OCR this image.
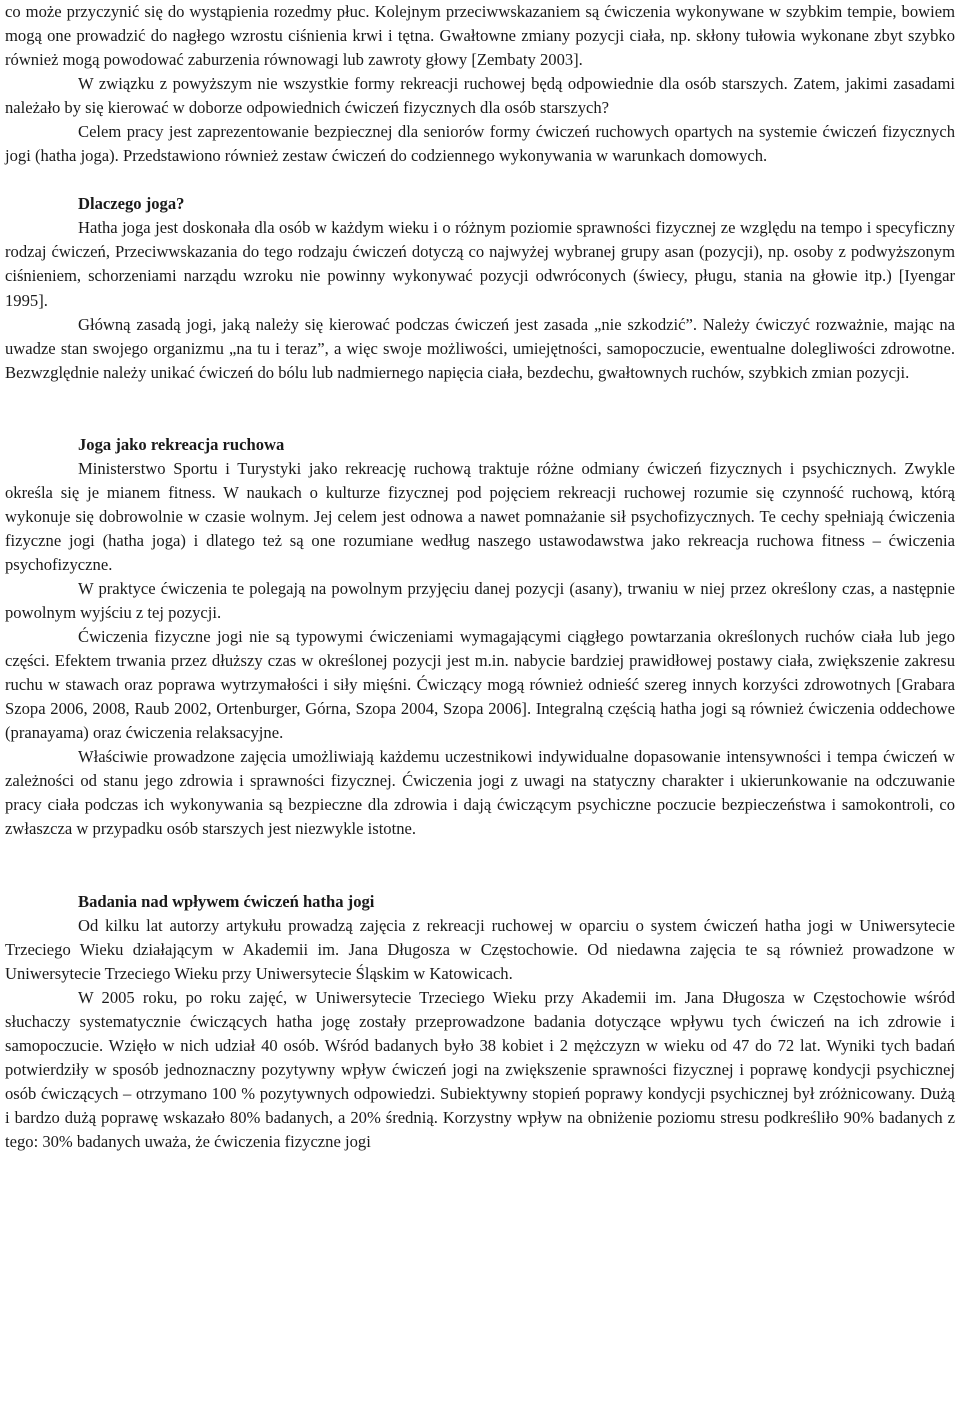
co może przyczynić się do wystąpienia rozedmy płuc. Kolejnym przeciwwskazaniem są ćwiczenia wykonywane w szybkim tempie, bowiem mogą one prowadzić do nagłego wzrostu ciśnienia krwi i tętna. Gwałtowne zmiany pozycji ciała, np. skłony tułowia wykonane zbyt szybko również mogą powodować zaburzenia równowagi lub zawroty głowy [Zembaty 2003].

W związku z powyższym nie wszystkie formy rekreacji ruchowej będą odpowiednie dla osób starszych. Zatem, jakimi zasadami należało by się kierować w doborze odpowiednich ćwiczeń fizycznych dla osób starszych?

Celem pracy jest zaprezentowanie bezpiecznej dla seniorów formy ćwiczeń ruchowych opartych na systemie ćwiczeń fizycznych jogi (hatha joga). Przedstawiono również zestaw ćwiczeń do codziennego wykonywania w warunkach domowych.

Dlaczego joga?

Hatha joga jest doskonała dla osób w każdym wieku i o różnym poziomie sprawności fizycznej ze względu na tempo i specyficzny rodzaj ćwiczeń, Przeciwwskazania do tego rodzaju ćwiczeń dotyczą co najwyżej wybranej grupy asan (pozycji), np. osoby z podwyższonym ciśnieniem, schorzeniami narządu wzroku nie powinny wykonywać pozycji odwróconych (świecy, pługu, stania na głowie itp.) [Iyengar 1995].

Główną zasadą jogi, jaką należy się kierować podczas ćwiczeń jest zasada „nie szkodzić”. Należy ćwiczyć rozważnie, mając na uwadze stan swojego organizmu „na tu i teraz”, a więc swoje możliwości, umiejętności, samopoczucie, ewentualne dolegliwości zdrowotne. Bezwzględnie należy unikać ćwiczeń do bólu lub nadmiernego napięcia ciała, bezdechu, gwałtownych ruchów, szybkich zmian pozycji.

Joga jako rekreacja ruchowa

Ministerstwo Sportu i Turystyki jako rekreację ruchową traktuje różne odmiany ćwiczeń fizycznych i psychicznych. Zwykle określa się je mianem fitness. W naukach o kulturze fizycznej pod pojęciem rekreacji ruchowej rozumie się czynność ruchową, którą wykonuje się dobrowolnie w czasie wolnym. Jej celem jest odnowa a nawet pomnażanie sił psychofizycznych. Te cechy spełniają ćwiczenia fizyczne jogi (hatha joga) i dlatego też są one rozumiane według naszego ustawodawstwa jako rekreacja ruchowa fitness – ćwiczenia psychofizyczne.

W praktyce ćwiczenia te polegają na powolnym przyjęciu danej pozycji (asany), trwaniu w niej przez określony czas, a następnie powolnym wyjściu z tej pozycji.

Ćwiczenia fizyczne jogi nie są typowymi ćwiczeniami wymagającymi ciągłego powtarzania określonych ruchów ciała lub jego części. Efektem trwania przez dłuższy czas w określonej pozycji jest m.in. nabycie bardziej prawidłowej postawy ciała, zwiększenie zakresu ruchu w stawach oraz poprawa wytrzymałości i siły mięśni. Ćwiczący mogą również odnieść szereg innych korzyści zdrowotnych [Grabara Szopa 2006, 2008, Raub 2002, Ortenburger, Górna, Szopa 2004, Szopa 2006]. Integralną częścią hatha jogi są również ćwiczenia oddechowe (pranayama) oraz ćwiczenia relaksacyjne.

Właściwie prowadzone zajęcia umożliwiają każdemu uczestnikowi indywidualne dopasowanie intensywności i tempa ćwiczeń w zależności od stanu jego zdrowia i sprawności fizycznej. Ćwiczenia jogi z uwagi na statyczny charakter i ukierunkowanie na odczuwanie pracy ciała podczas ich wykonywania są bezpieczne dla zdrowia i dają ćwiczącym psychiczne poczucie bezpieczeństwa i samokontroli, co zwłaszcza w przypadku osób starszych jest niezwykle istotne.

Badania nad wpływem ćwiczeń hatha jogi

Od kilku lat autorzy artykułu prowadzą zajęcia z rekreacji ruchowej w oparciu o system ćwiczeń hatha jogi w Uniwersytecie Trzeciego Wieku działającym w Akademii im. Jana Długosza w Częstochowie. Od niedawna zajęcia te są również prowadzone w Uniwersytecie Trzeciego Wieku przy Uniwersytecie Śląskim w Katowicach.

W 2005 roku, po roku zajęć, w Uniwersytecie Trzeciego Wieku przy Akademii im. Jana Długosza w Częstochowie wśród słuchaczy systematycznie ćwiczących hatha jogę zostały przeprowadzone badania dotyczące wpływu tych ćwiczeń na ich zdrowie i samopoczucie. Wzięło w nich udział 40 osób. Wśród badanych było 38 kobiet i 2 mężczyzn w wieku od 47 do 72 lat. Wyniki tych badań potwierdziły w sposób jednoznaczny pozytywny wpływ ćwiczeń jogi na zwiększenie sprawności fizycznej i poprawę kondycji psychicznej osób ćwiczących – otrzymano 100 % pozytywnych odpowiedzi. Subiektywny stopień poprawy kondycji psychicznej był zróżnicowany. Dużą i bardzo dużą poprawę wskazało 80% badanych, a 20% średnią. Korzystny wpływ na obniżenie poziomu stresu podkreśliło 90% badanych z tego: 30% badanych uważa, że ćwiczenia fizyczne jogi
